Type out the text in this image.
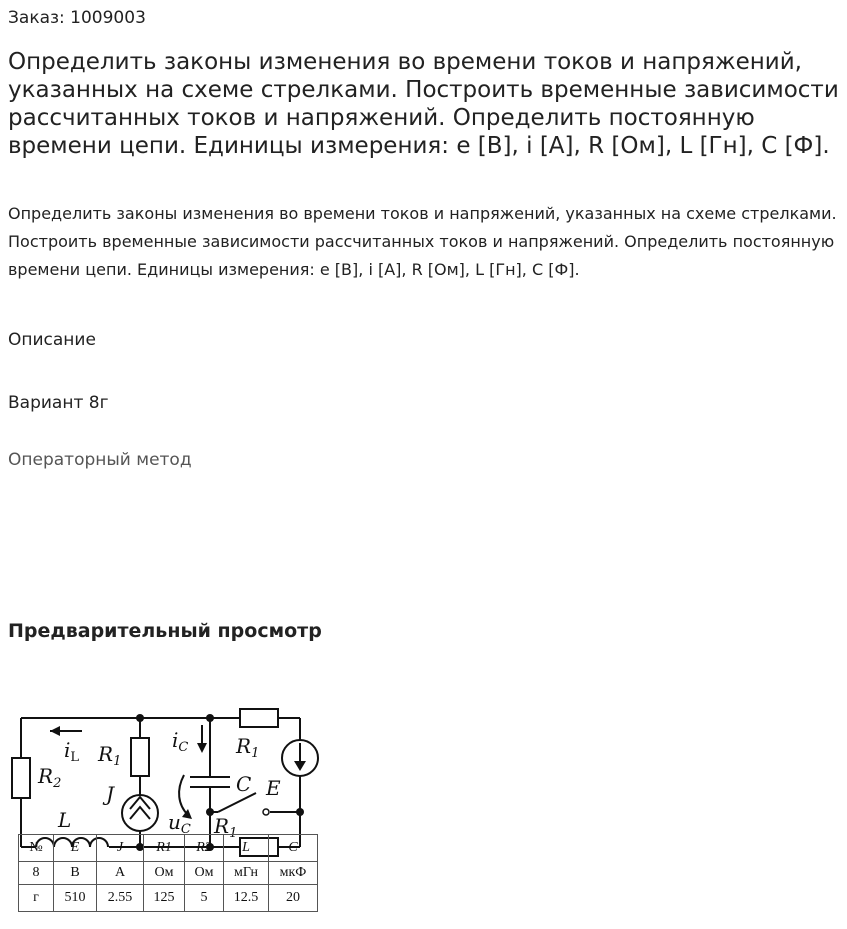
Заказ: 1009003
Определить законы изменения во времени токов и напряжений, указанных на схеме стрелками. Построить временные зависимости рассчитанных токов и напряжений. Определить постоянную времени цепи. Единицы измерения: e [В], i [А], R [Ом], L [Гн], C [Ф].
Определить законы изменения во времени токов и напряжений, указанных на схеме стрелками. Построить временные зависимости рассчитанных токов и напряжений. Определить постоянную времени цепи. Единицы измерения: e [В], i [А], R [Ом], L [Гн], C [Ф].
Описание
Вариант 8г
Операторный метод
Предварительный просмотр
$i_L$
$R_2$
L
$R_1$
J
$i_C$ $R_1$
C
$u_C$ $R_1$
E
№	E	J	R1	R2	L	C
8	В	А	Ом	Ом	мГн	мкФ
г	510	2.55	125	5	12.5	20
